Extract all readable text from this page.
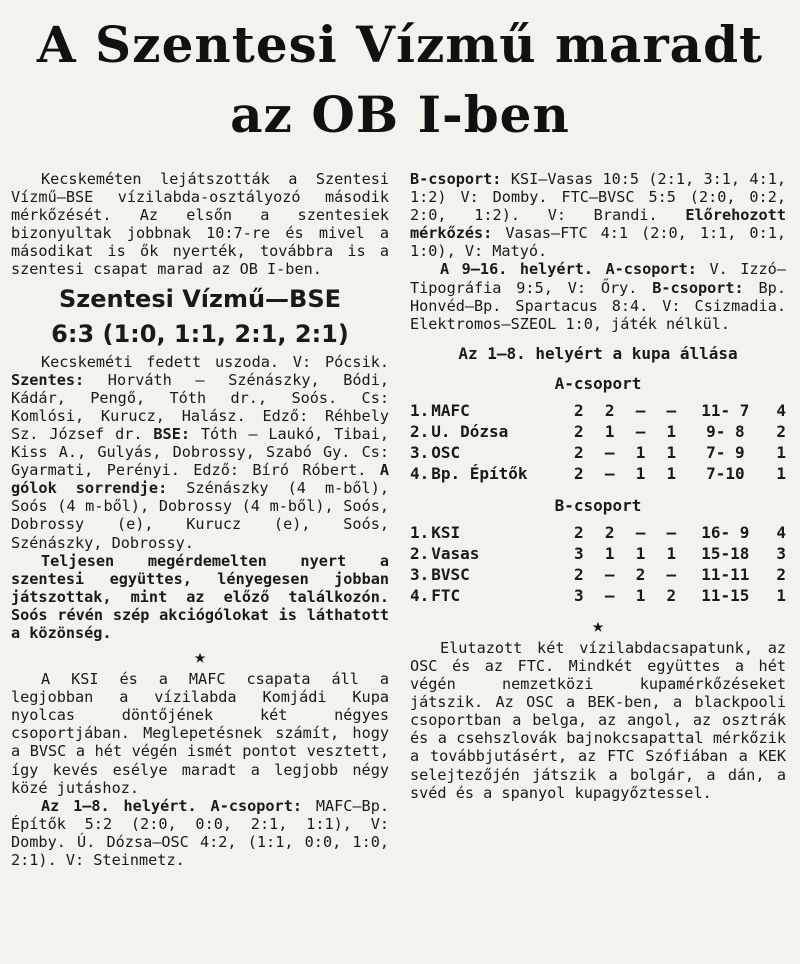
A Szentesi Vízmű maradt
az OB I-ben

Kecskeméten lejátszották a Szentesi Vízmű—BSE vízilabda-osztályozó második mérkőzését. Az elsőn a szentesiek bizonyultak jobbnak 10:7-re és mivel a másodikat is ők nyerték, továbbra is a szentesi csapat marad az OB I-ben.

Szentesi Vízmű—BSE
6:3 (1:0, 1:1, 2:1, 2:1)

Kecskeméti fedett uszoda. V: Pócsik. Szentes: Horváth — Szénászky, Bódi, Kádár, Pengő, Tóth dr., Soós. Cs: Komlósi, Kurucz, Halász. Edző: Réhbely Sz. József dr. BSE: Tóth — Laukó, Tibai, Kiss A., Gulyás, Dobrossy, Szabó Gy. Cs: Gyarmati, Perényi. Edző: Bíró Róbert. A gólok sorrendje: Szénászky (4 m-ből), Soós (4 m-ből), Dobrossy (4 m-ből), Soós, Dobrossy (e), Kurucz (e), Soós, Szénászky, Dobrossy.

Teljesen megérdemelten nyert a szentesi együttes, lényegesen jobban játszottak, mint az előző találkozón. Soós révén szép akciógólokat is láthatott a közönség.

★

A KSI és a MAFC csapata áll a legjobban a vízilabda Komjádi Kupa nyolcas döntőjének két négyes csoportjában. Meglepetésnek számít, hogy a BVSC a hét végén ismét pontot vesztett, így kevés esélye maradt a legjobb négy közé jutáshoz.

Az 1—8. helyért. A-csoport: MAFC—Bp. Építők 5:2 (2:0, 0:0, 2:1, 1:1), V: Domby. Ú. Dózsa—OSC 4:2, (1:1, 0:0, 1:0, 2:1). V: Steinmetz.

B-csoport: KSI—Vasas 10:5 (2:1, 3:1, 4:1, 1:2) V: Domby. FTC—BVSC 5:5 (2:0, 0:2, 2:0, 1:2). V: Brandi. Előrehozott mérkőzés: Vasas—FTC 4:1 (2:0, 1:1, 0:1, 1:0), V: Matyó.

A 9—16. helyért. A-csoport: V. Izzó—Tipográfia 9:5, V: Őry. B-csoport: Bp. Honvéd—Bp. Spartacus 8:4. V: Csizmadia. Elektromos—SZEOL 1:0, játék nélkül.

Az 1—8. helyért a kupa állása
A-csoport
1.	MAFC	2	2	—	—	11- 7	4
2.	U. Dózsa	2	1	—	1	9- 8	2
3.	OSC	2	—	1	1	7- 9	1
4.	Bp. Építők	2	—	1	1	7-10	1
B-csoport
1.	KSI	2	2	—	—	16- 9	4
2.	Vasas	3	1	1	1	15-18	3
3.	BVSC	2	—	2	—	11-11	2
4.	FTC	3	—	1	2	11-15	1
★

Elutazott két vízilabdacsapatunk, az OSC és az FTC. Mindkét együttes a hét végén nemzetközi kupamérkőzéseket játszik. Az OSC a BEK-ben, a blackpooli csoportban a belga, az angol, az osztrák és a csehszlovák bajnokcsapattal mérkőzik a továbbjutásért, az FTC Szófiában a KEK selejtezőjén játszik a bolgár, a dán, a svéd és a spanyol kupagyőztessel.
